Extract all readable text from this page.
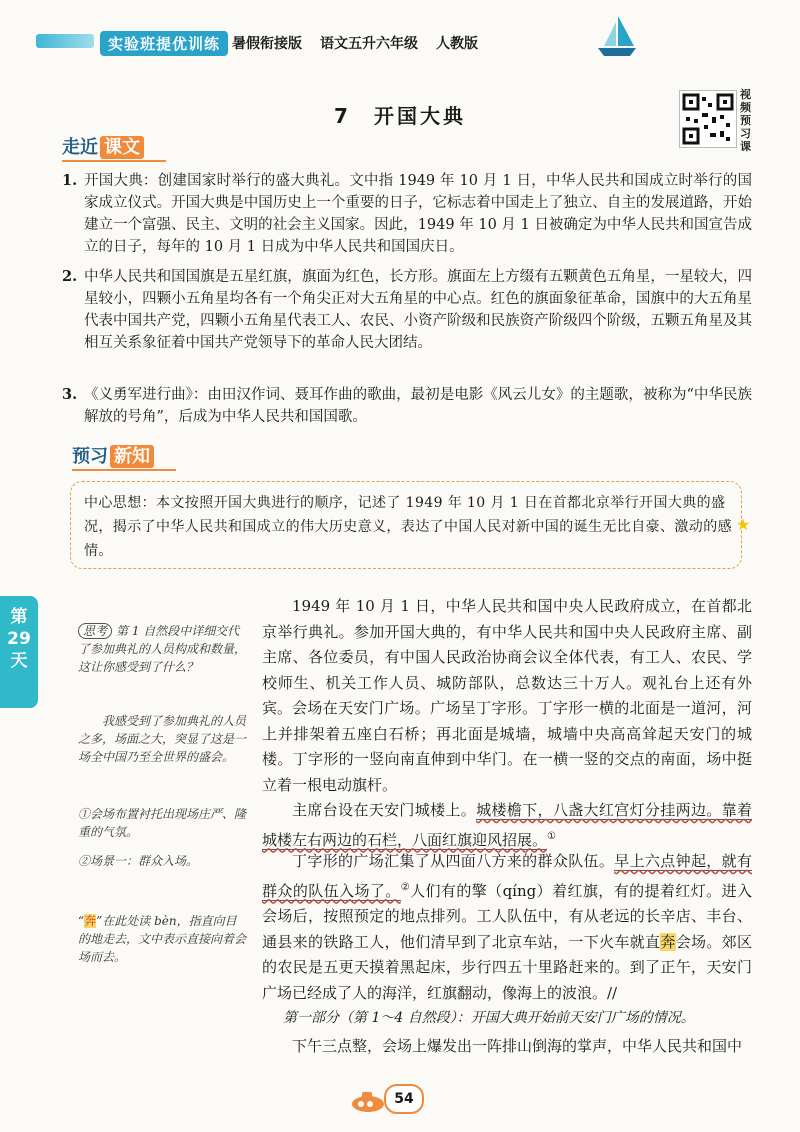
实验班提优训练 暑假衔接版 语文五升六年级 人教版
7　开国大典
视频预习课
走近 课文
1. 开国大典：创建国家时举行的盛大典礼。文中指 1949 年 10 月 1 日，中华人民共和国成立时举行的国家成立仪式。开国大典是中国历史上一个重要的日子，它标志着中国走上了独立、自主的发展道路，开始建立一个富强、民主、文明的社会主义国家。因此，1949 年 10 月 1 日被确定为中华人民共和国宣告成立的日子，每年的 10 月 1 日成为中华人民共和国国庆日。
2. 中华人民共和国国旗是五星红旗，旗面为红色，长方形。旗面左上方缀有五颗黄色五角星，一星较大，四星较小，四颗小五角星均各有一个角尖正对大五角星的中心点。红色的旗面象征革命，国旗中的大五角星代表中国共产党，四颗小五角星代表工人、农民、小资产阶级和民族资产阶级四个阶级，五颗五角星及其相互关系象征着中国共产党领导下的革命人民大团结。
3. 《义勇军进行曲》：由田汉作词、聂耳作曲的歌曲，最初是电影《风云儿女》的主题歌，被称为“中华民族解放的号角”，后成为中华人民共和国国歌。
预习 新知
中心思想：本文按照开国大典进行的顺序，记述了 1949 年 10 月 1 日在首都北京举行开国大典的盛况，揭示了中华人民共和国成立的伟大历史意义，表达了中国人民对新中国的诞生无比自豪、激动的感情。
★
第
29
天
思考 第 1 自然段中详细交代了参加典礼的人员构成和数量，这让你感受到了什么？
我感受到了参加典礼的人员之多，场面之大，突显了这是一场全中国乃至全世界的盛会。
①会场布置衬托出现场庄严、隆重的气氛。
②场景一：群众入场。
“奔”在此处读 bèn，指直向目的地走去，文中表示直接向着会场而去。
1949 年 10 月 1 日，中华人民共和国中央人民政府成立，在首都北京举行典礼。参加开国大典的，有中华人民共和国中央人民政府主席、副主席、各位委员，有中国人民政治协商会议全体代表，有工人、农民、学校师生、机关工作人员、城防部队，总数达三十万人。观礼台上还有外宾。 会场在天安门广场。广场呈丁字形。丁字形一横的北面是一道河，河上并排架着五座白石桥；再北面是城墙，城墙中央高高耸起天安门的城楼。丁字形的一竖向南直伸到中华门。在一横一竖的交点的南面，场中挺立着一根电动旗杆。
主席台设在天安门城楼上。城楼檐下，八盏大红宫灯分挂两边。靠着城楼左右两边的石栏，八面红旗迎风招展。①
丁字形的广场汇集了从四面八方来的群众队伍。早上六点钟起，就有群众的队伍入场了。②人们有的擎（qíng）着红旗，有的提着红灯。进入会场后，按照预定的地点排列。工人队伍中，有从老远的长辛店、丰台、通县来的铁路工人，他们清早到了北京车站，一下火车就直奔会场。郊区的农民是五更天摸着黑起床，步行四五十里路赶来的。到了正午，天安门广场已经成了人的海洋，红旗翻动，像海上的波浪。//
第一部分（第 1～4 自然段）：开国大典开始前天安门广场的情况。
下午三点整，会场上爆发出一阵排山倒海的掌声，中华人民共和国中
54
